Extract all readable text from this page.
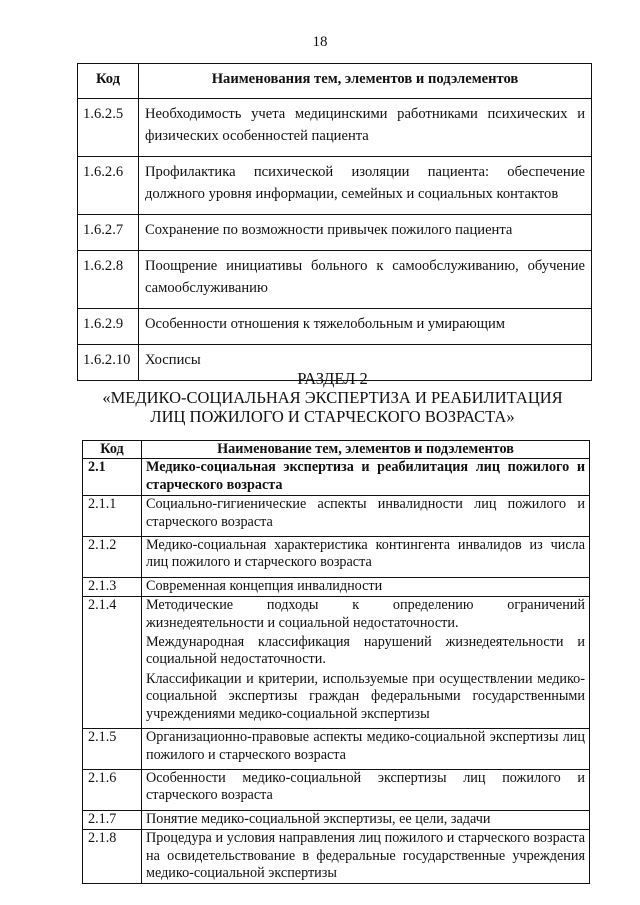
18
Код	Наименования тем, элементов и подэлементов
1.6.2.5	Необходимость учета медицинскими работниками психических и физических особенностей пациента
1.6.2.6	Профилактика психической изоляции пациента: обеспечение должного уровня информации, семейных и социальных контактов
1.6.2.7	Сохранение по возможности привычек пожилого пациента
1.6.2.8	Поощрение инициативы больного к самообслуживанию, обучение самообслуживанию
1.6.2.9	Особенности отношения к тяжелобольным и умирающим
1.6.2.10	Хосписы
РАЗДЕЛ 2
«МЕДИКО-СОЦИАЛЬНАЯ ЭКСПЕРТИЗА И РЕАБИЛИТАЦИЯ
ЛИЦ ПОЖИЛОГО И СТАРЧЕСКОГО ВОЗРАСТА»
Код	Наименование тем, элементов и подэлементов
2.1	Медико-социальная экспертиза и реабилитация лиц пожилого и старческого возраста
2.1.1	Социально-гигиенические аспекты инвалидности лиц пожилого и старческого возраста
2.1.2	Медико-социальная характеристика контингента инвалидов из числа лиц пожилого и старческого возраста
2.1.3	Современная концепция инвалидности
2.1.4	Методические подходы к определению ограничений жизнедеятельности и социальной недостаточности.

Международная классификация нарушений жизнедеятельности и социальной недостаточности.

Классификации и критерии, используемые при осуществлении медико-социальной экспертизы граждан федеральными государственными учреждениями медико-социальной экспертизы

2.1.5	Организационно-правовые аспекты медико-социальной экспертизы лиц пожилого и старческого возраста
2.1.6	Особенности медико-социальной экспертизы лиц пожилого и старческого возраста
2.1.7	Понятие медико-социальной экспертизы, ее цели, задачи
2.1.8	Процедура и условия направления лиц пожилого и старческого возраста на освидетельствование в федеральные государственные учреждения медико-социальной экспертизы
